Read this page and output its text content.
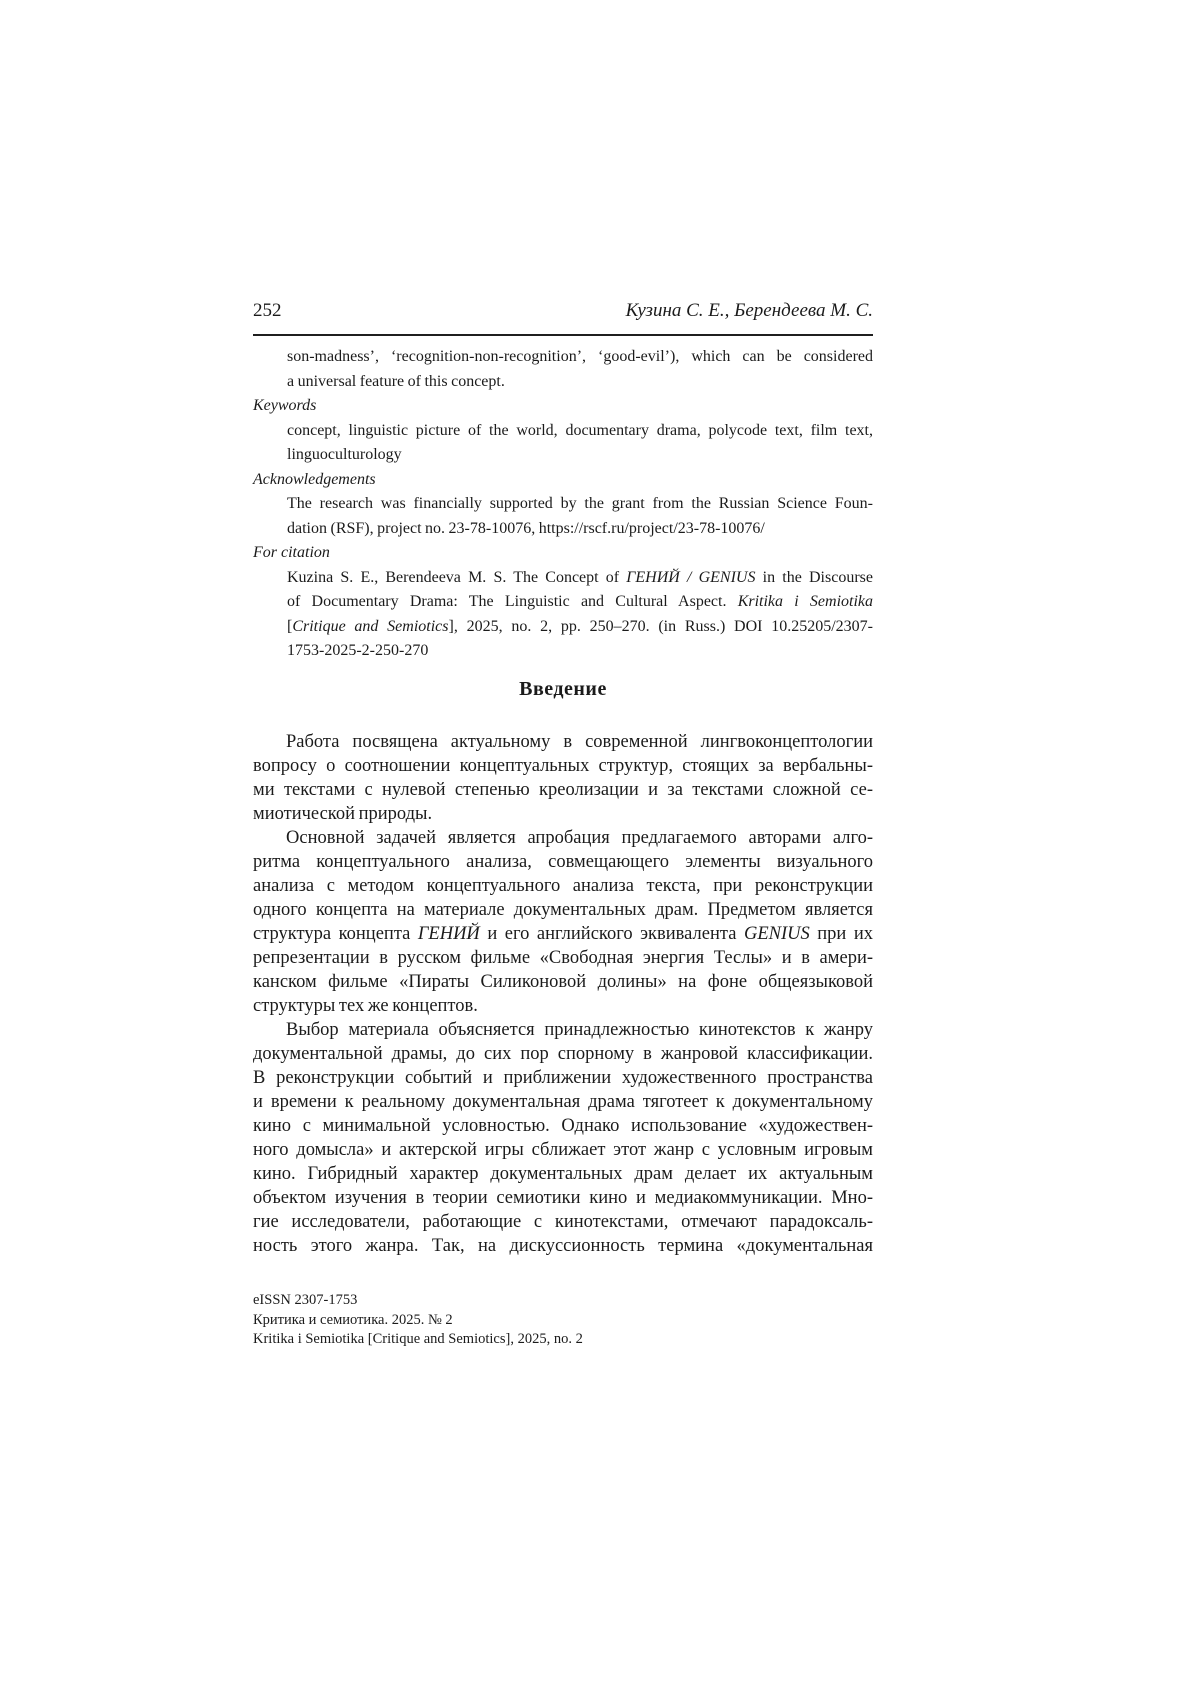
252	Кузина С. Е., Берендеева М. С.
son-madness’, ‘recognition-non-recognition’, ‘good-evil’), which can be considered
a universal feature of this concept.
Keywords
concept, linguistic picture of the world, documentary drama, polycode text, film text,
linguoculturology
Acknowledgements
The research was financially supported by the grant from the Russian Science Foun-
dation (RSF), project no. 23-78-10076, https://rscf.ru/project/23-78-10076/
For citation
Kuzina S. E., Berendeeva M. S. The Concept of ГЕНИЙ / GENIUS in the Discourse
of Documentary Drama: The Linguistic and Cultural Aspect. Kritika i Semiotika
[Critique and Semiotics], 2025, no. 2, pp. 250–270. (in Russ.) DOI 10.25205/2307-
1753-2025-2-250-270
Введение
Работа посвящена актуальному в современной лингвоконцептологии
вопросу о соотношении концептуальных структур, стоящих за вербальны-
ми текстами с нулевой степенью креолизации и за текстами сложной се-
миотической природы.
Основной задачей является апробация предлагаемого авторами алго-
ритма концептуального анализа, совмещающего элементы визуального
анализа с методом концептуального анализа текста, при реконструкции
одного концепта на материале документальных драм. Предметом является
структура концепта ГЕНИЙ и его английского эквивалента GENIUS при их
репрезентации в русском фильме «Свободная энергия Теслы» и в амери-
канском фильме «Пираты Силиконовой долины» на фоне общеязыковой
структуры тех же концептов.
Выбор материала объясняется принадлежностью кинотекстов к жанру
документальной драмы, до сих пор спорному в жанровой классификации.
В реконструкции событий и приближении художественного пространства
и времени к реальному документальная драма тяготеет к документальному
кино с минимальной условностью. Однако использование «художествен-
ного домысла» и актерской игры сближает этот жанр с условным игровым
кино. Гибридный характер документальных драм делает их актуальным
объектом изучения в теории семиотики кино и медиакоммуникации. Мно-
гие исследователи, работающие с кинотекстами, отмечают парадоксаль-
ность этого жанра. Так, на дискуссионность термина «документальная
eISSN 2307-1753
Критика и семиотика. 2025. № 2
Kritika i Semiotika [Critique and Semiotics], 2025, no. 2
